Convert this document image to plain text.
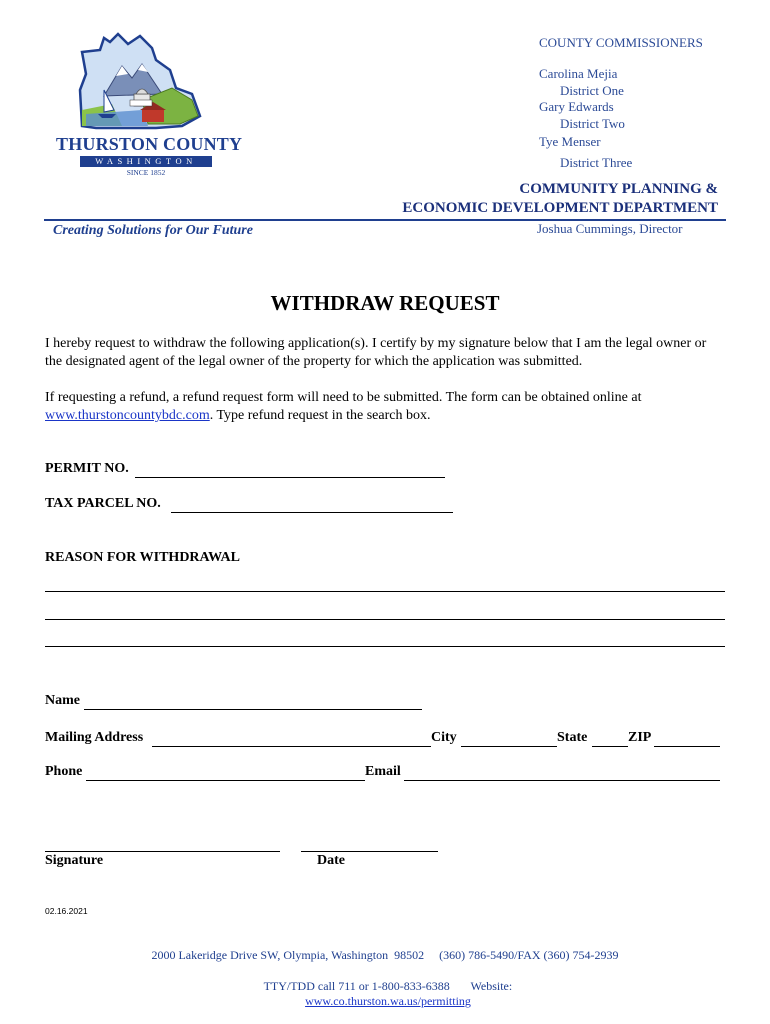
THURSTON COUNTY
WASHINGTON
SINCE 1852
COUNTY COMMISSIONERS
Carolina Mejia
District One
Gary Edwards
District Two
Tye Menser
District Three
COMMUNITY PLANNING &
ECONOMIC DEVELOPMENT DEPARTMENT
Joshua Cummings, Director
Creating Solutions for Our Future
WITHDRAW REQUEST
I hereby request to withdraw the following application(s). I certify by my signature below that I am the legal owner or the designated agent of the legal owner of the property for which the application was submitted.
If requesting a refund, a refund request form will need to be submitted. The form can be obtained online at www.thurstoncountybdc.com. Type refund request in the search box.
PERMIT NO.
TAX PARCEL NO.
REASON FOR WITHDRAWAL
Name
Mailing Address	City	State	ZIP
Phone	Email
Signature	Date
02.16.2021
2000 Lakeridge Drive SW, Olympia, Washington  98502     (360) 786-5490/FAX (360) 754-2939

TTY/TDD call 711 or 1-800-833-6388       Website:
www.co.thurston.wa.us/permitting
